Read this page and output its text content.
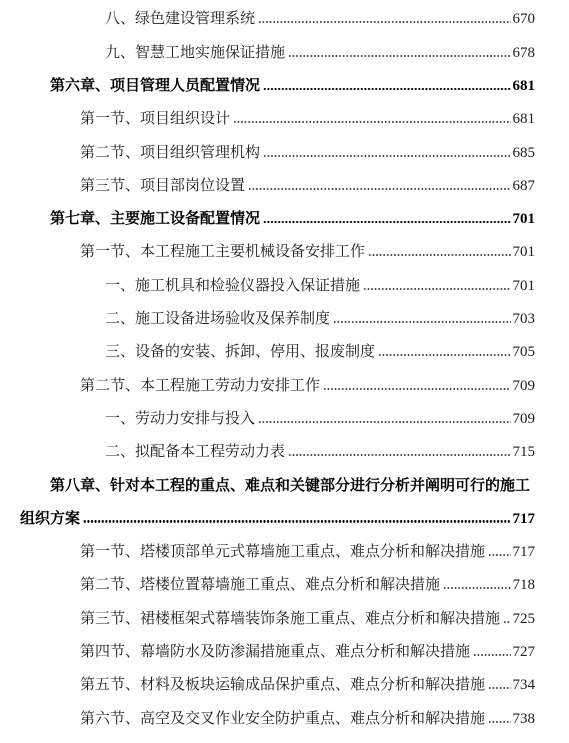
八、绿色建设管理系统	670
九、智慧工地实施保证措施	678
第六章、项目管理人员配置情况	681
第一节、项目组织设计	681
第二节、项目组织管理机构	685
第三节、项目部岗位设置	687
第七章、主要施工设备配置情况	701
第一节、本工程施工主要机械设备安排工作	701
一、施工机具和检验仪器投入保证措施	701
二、施工设备进场验收及保养制度	703
三、设备的安装、拆卸、停用、报废制度	705
第二节、本工程施工劳动力安排工作	709
一、劳动力安排与投入	709
二、拟配备本工程劳动力表	715
第八章、针对本工程的重点、难点和关键部分进行分析并阐明可行的施工
组织方案	717
第一节、塔楼顶部单元式幕墙施工重点、难点分析和解决措施 717
第二节、塔楼位置幕墙施工重点、难点分析和解决措施	718
第三节、裙楼框架式幕墙装饰条施工重点、难点分析和解决措施 725
第四节、幕墙防水及防渗漏措施重点、难点分析和解决措施	727
第五节、材料及板块运输成品保护重点、难点分析和解决措施 734
第六节、高空及交叉作业安全防护重点、难点分析和解决措施 738
